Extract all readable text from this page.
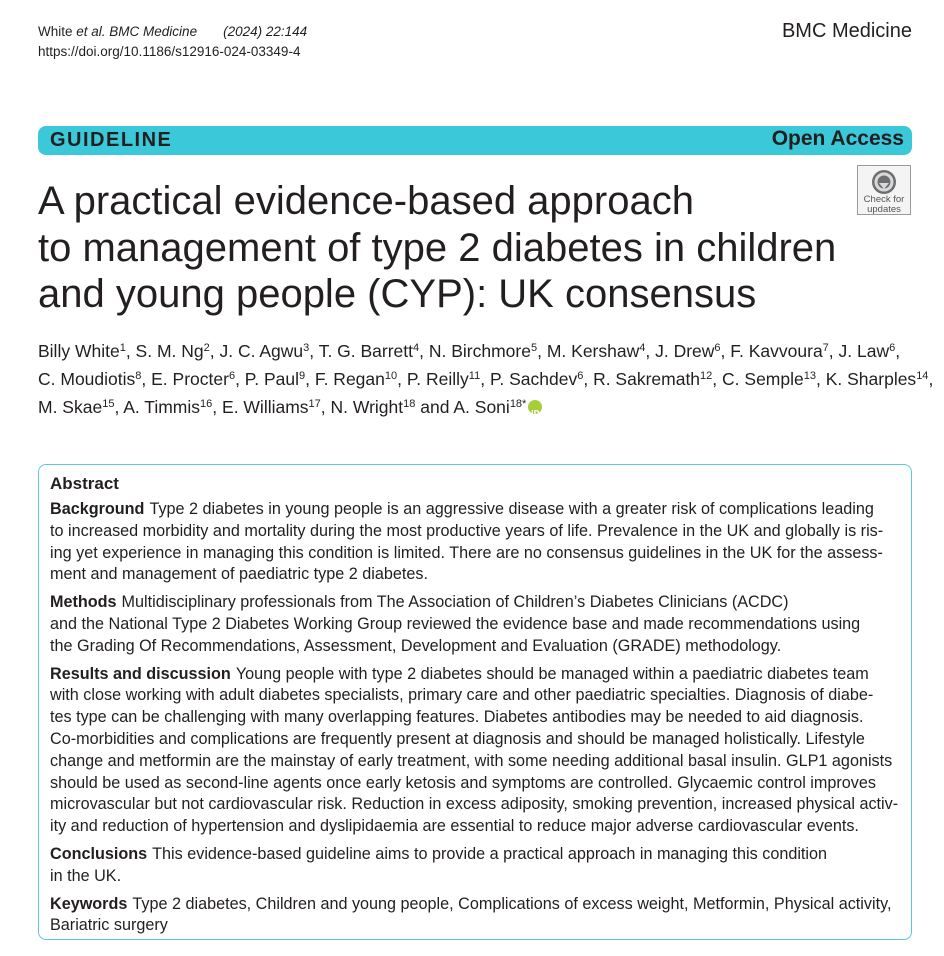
White et al. BMC Medicine (2024) 22:144
https://doi.org/10.1186/s12916-024-03349-4
BMC Medicine
GUIDELINE	Open Access
A practical evidence-based approach
to management of type 2 diabetes in children
and young people (CYP): UK consensus
Check for
updates
Billy White$^1$, S. M. Ng$^2$, J. C. Agwu$^3$, T. G. Barrett$^4$, N. Birchmore$^5$, M. Kershaw$^4$, J. Drew$^6$, F. Kavvoura$^7$, J. Law$^6$,
C. Moudiotis$^8$, E. Procter$^6$, P. Paul$^9$, F. Regan$^{10}$, P. Reilly$^{11}$, P. Sachdev$^6$, R. Sakremath$^{12}$, C. Semple$^{13}$, K. Sharples$^{14}$,
M. Skae$^{15}$, A. Timmis$^{16}$, E. Williams$^{17}$, N. Wright$^{18}$ and A. Soni$^{18*}$iD
Abstract

Background Type 2 diabetes in young people is an aggressive disease with a greater risk of complications leading
to increased morbidity and mortality during the most productive years of life. Prevalence in the UK and globally is ris-
ing yet experience in managing this condition is limited. There are no consensus guidelines in the UK for the assess-
ment and management of paediatric type 2 diabetes.

Methods Multidisciplinary professionals from The Association of Children’s Diabetes Clinicians (ACDC)
and the National Type 2 Diabetes Working Group reviewed the evidence base and made recommendations using
the Grading Of Recommendations, Assessment, Development and Evaluation (GRADE) methodology.

Results and discussion Young people with type 2 diabetes should be managed within a paediatric diabetes team
with close working with adult diabetes specialists, primary care and other paediatric specialties. Diagnosis of diabe-
tes type can be challenging with many overlapping features. Diabetes antibodies may be needed to aid diagnosis.
Co-morbidities and complications are frequently present at diagnosis and should be managed holistically. Lifestyle
change and metformin are the mainstay of early treatment, with some needing additional basal insulin. GLP1 agonists
should be used as second-line agents once early ketosis and symptoms are controlled. Glycaemic control improves
microvascular but not cardiovascular risk. Reduction in excess adiposity, smoking prevention, increased physical activ-
ity and reduction of hypertension and dyslipidaemia are essential to reduce major adverse cardiovascular events.

Conclusions This evidence-based guideline aims to provide a practical approach in managing this condition
in the UK.

Keywords Type 2 diabetes, Children and young people, Complications of excess weight, Metformin, Physical activity,
Bariatric surgery
